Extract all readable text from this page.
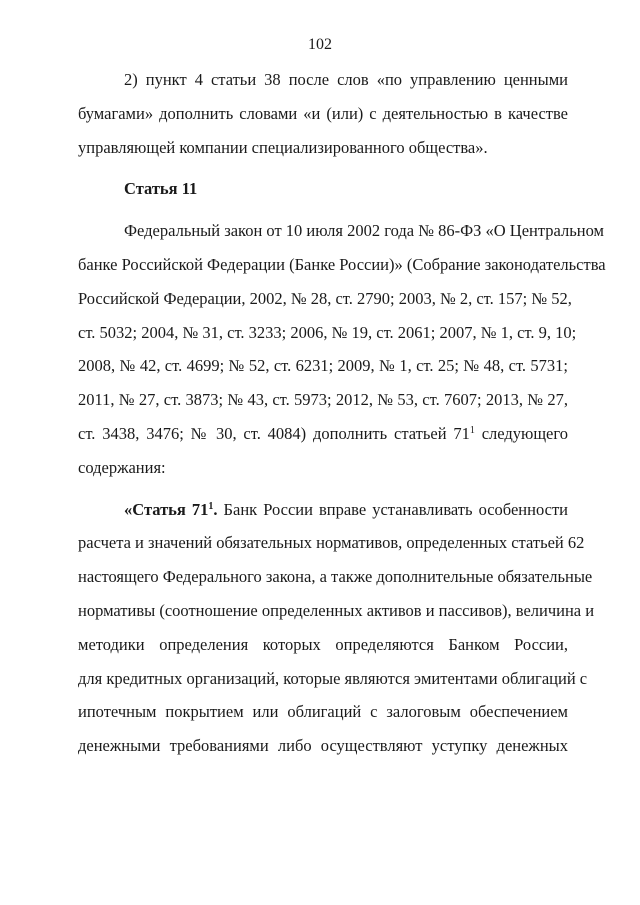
102
2) пункт 4 статьи 38 после слов «по управлению ценными
бумагами» дополнить словами «и (или) с деятельностью в качестве
управляющей компании специализированного общества».
Статья 11
Федеральный закон от 10 июля 2002 года № 86-ФЗ «О Центральном
банке Российской Федерации (Банке России)» (Собрание законодательства
Российской Федерации, 2002, № 28, ст. 2790; 2003, № 2, ст. 157; № 52,
ст. 5032; 2004, № 31, ст. 3233; 2006, № 19, ст. 2061; 2007, № 1, ст. 9, 10;
2008, № 42, ст. 4699; № 52, ст. 6231; 2009, № 1, ст. 25; № 48, ст. 5731;
2011, № 27, ст. 3873; № 43, ст. 5973; 2012, № 53, ст. 7607; 2013, № 27,
ст. 3438, 3476; № 30, ст. 4084) дополнить статьей $71^1$ следующего
содержания:
«Статья $71^1$. Банк России вправе устанавливать особенности
расчета и значений обязательных нормативов, определенных статьей 62
настоящего Федерального закона, а также дополнительные обязательные
нормативы (соотношение определенных активов и пассивов), величина и
методики определения которых определяются Банком России,
для кредитных организаций, которые являются эмитентами облигаций с
ипотечным покрытием или облигаций с залоговым обеспечением
денежными требованиями либо осуществляют уступку денежных
